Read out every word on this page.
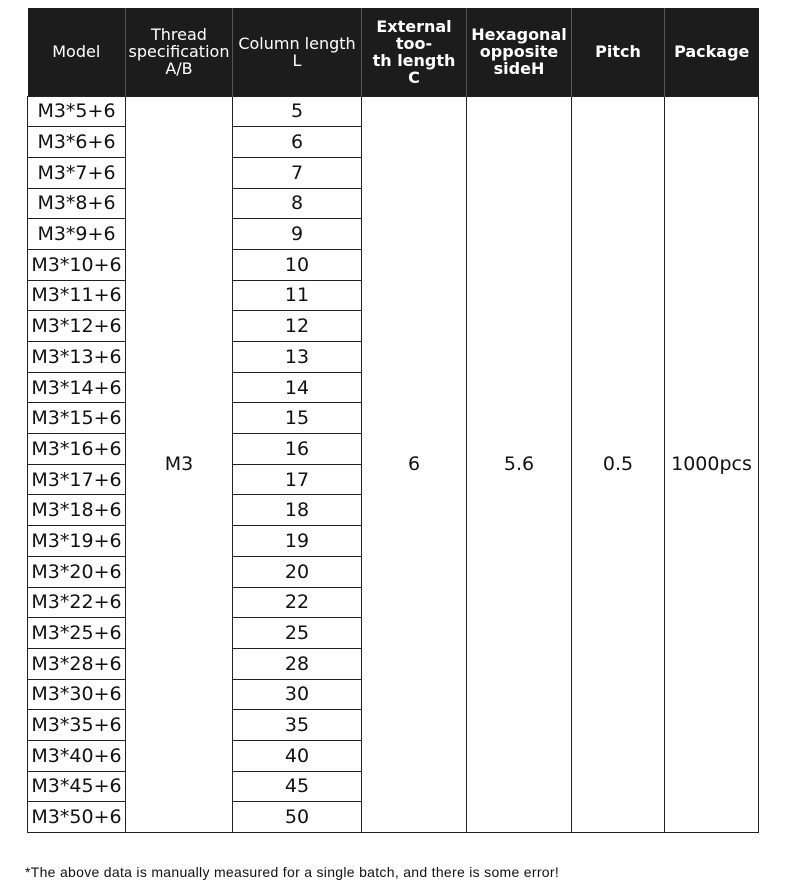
Model	Thread
specification
A/B	Column length L	External too-
th length C	Hexagonal
opposite
sideH	Pitch	Package
M3*5+6	M3	5	6	5.6	0.5	1000pcs
M3*6+6		6				
M3*7+6		7				
M3*8+6		8				
M3*9+6		9				
M3*10+6		10				
M3*11+6		11				
M3*12+6		12				
M3*13+6		13				
M3*14+6		14				
M3*15+6		15				
M3*16+6		16				
M3*17+6		17				
M3*18+6		18				
M3*19+6		19				
M3*20+6		20				
M3*22+6		22				
M3*25+6		25				
M3*28+6		28				
M3*30+6		30				
M3*35+6		35				
M3*40+6		40				
M3*45+6		45				
M3*50+6		50				
*The above data is manually measured for a single batch, and there is some error!
